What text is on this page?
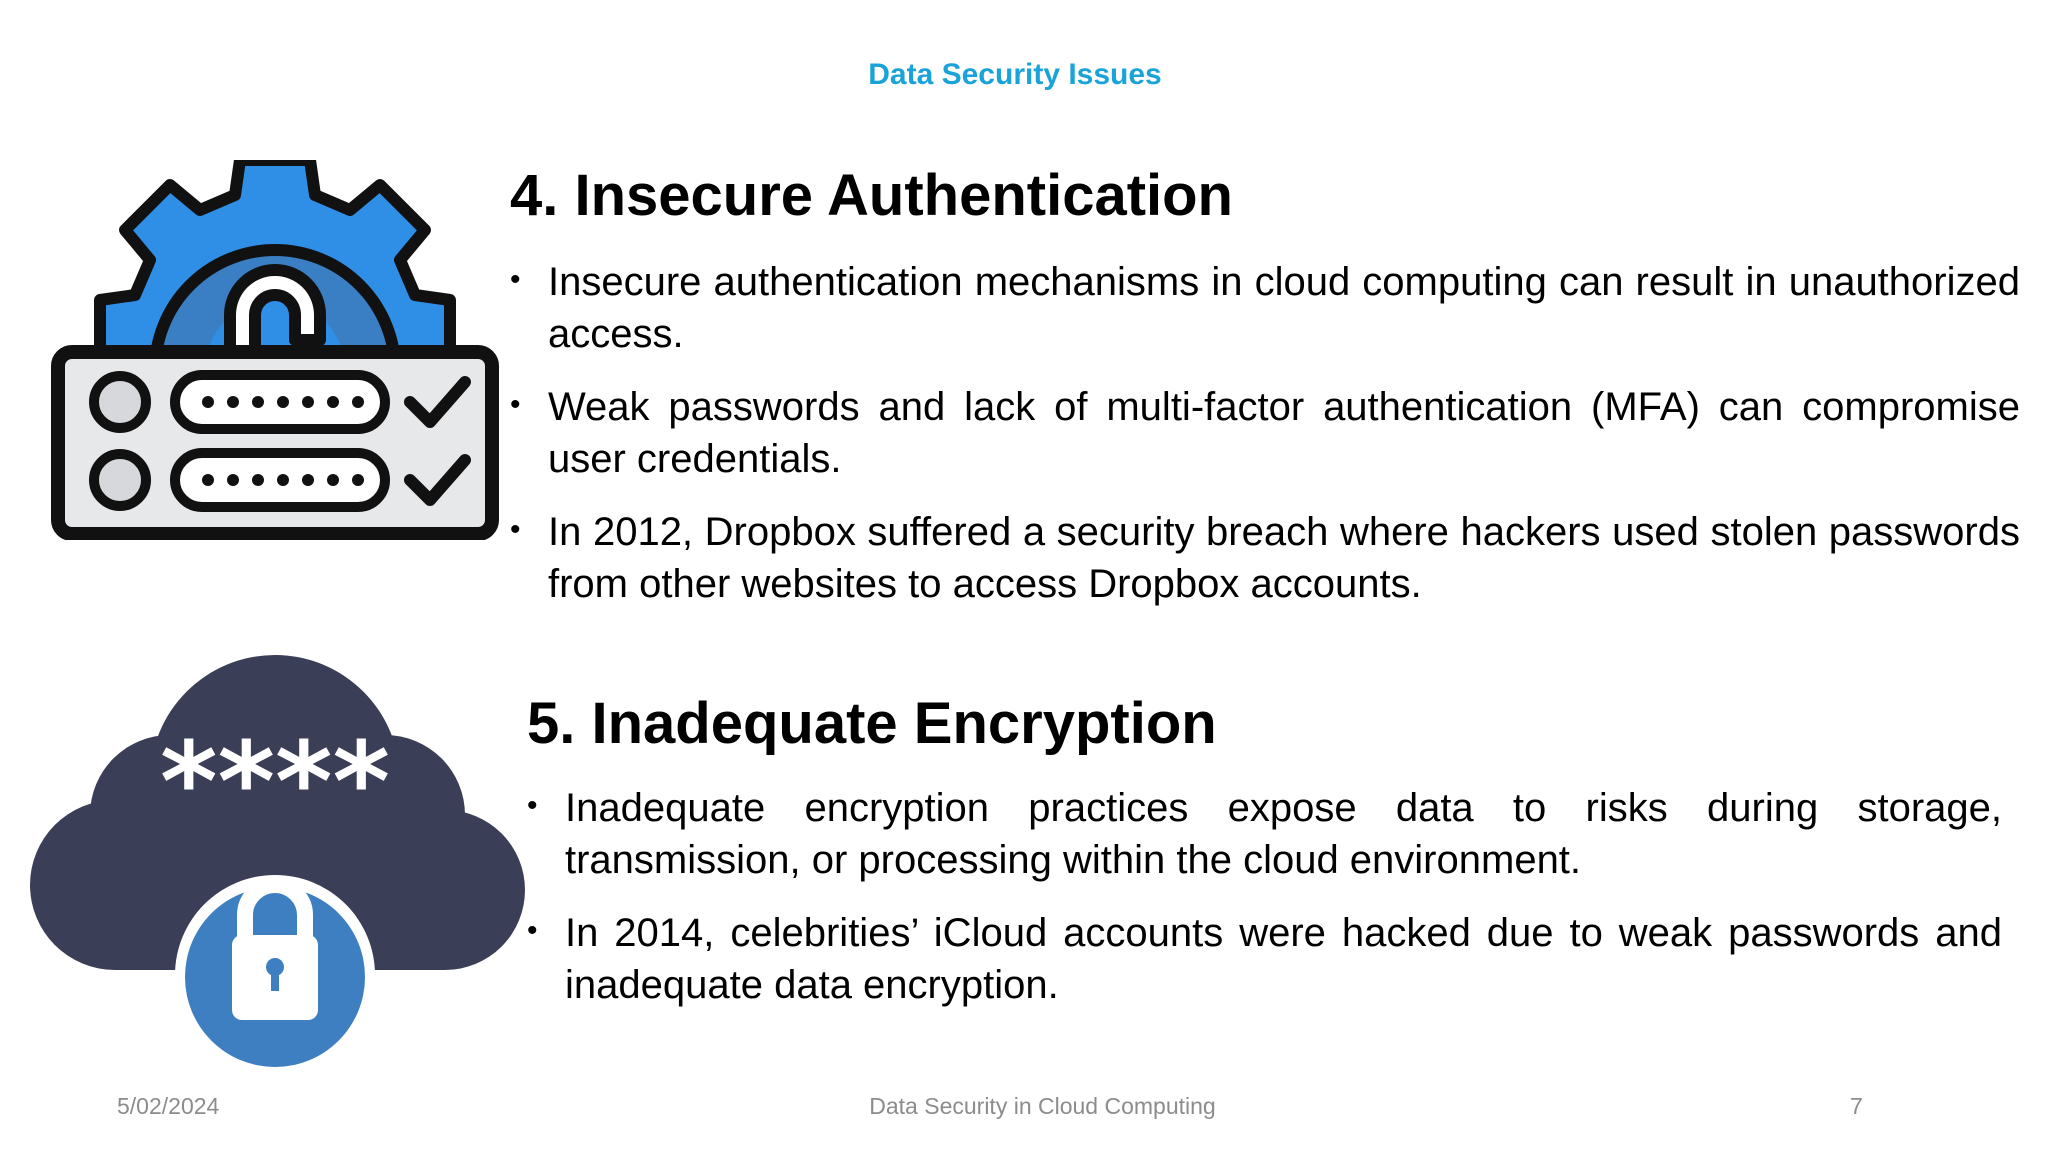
Data Security Issues
4. Insecure Authentication
• Insecure authentication mechanisms in cloud computing can result in unauthorized access.
• Weak passwords and lack of multi-factor authentication (MFA) can compromise user credentials.
• In 2012, Dropbox suffered a security breach where hackers used stolen passwords from other websites to access Dropbox accounts.
**** 5. Inadequate Encryption
• Inadequate encryption practices expose data to risks during storage, transmission, or processing within the cloud environment.
• In 2014, celebrities’ iCloud accounts were hacked due to weak passwords and inadequate data encryption.
5/02/2024	Data Security in Cloud Computing	7
